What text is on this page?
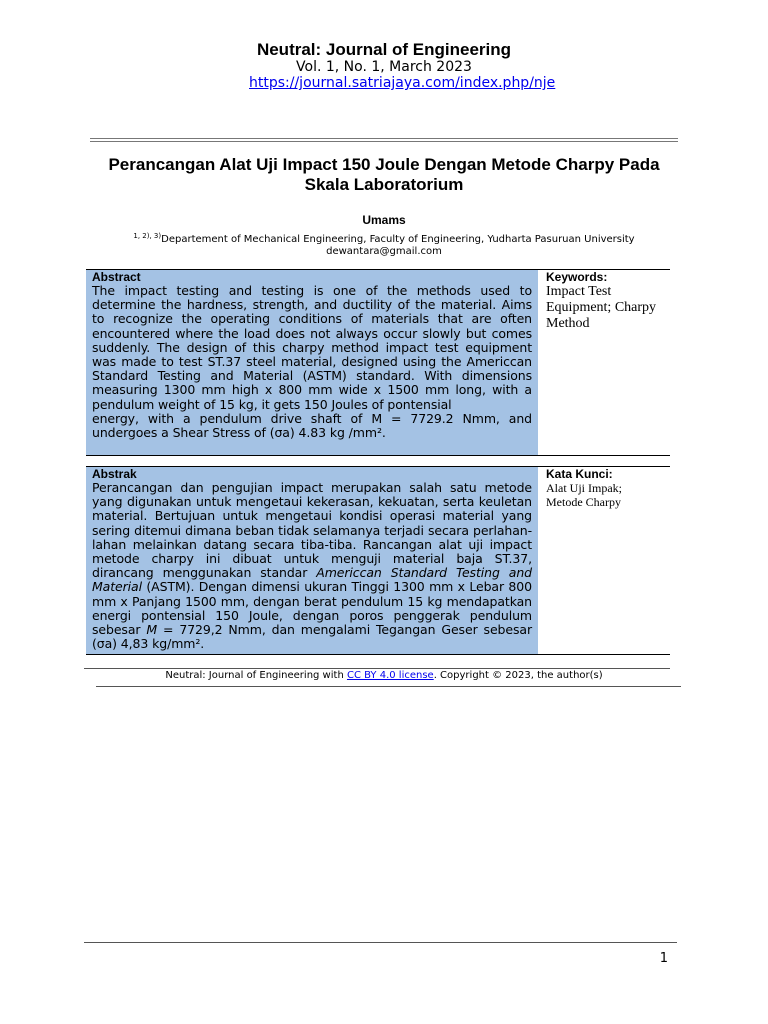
Neutral: Journal of Engineering
Vol. 1, No. 1, March 2023
https://journal.satriajaya.com/index.php/nje
Perancangan Alat Uji Impact 150 Joule Dengan Metode Charpy Pada Skala Laboratorium
Umams
$^{1, 2), 3)}$Departement of Mechanical Engineering, Faculty of Engineering, Yudharta Pasuruan University
dewantara@gmail.com
Abstract

The impact testing and testing is one of the methods used to determine the hardness, strength, and ductility of the material. Aims to recognize the operating conditions of materials that are often encountered where the load does not always occur slowly but comes suddenly. The design of this charpy method impact test equipment was made to test ST.37 steel material, designed using the Americcan Standard Testing and Material (ASTM) standard. With dimensions measuring 1300 mm high x 800 mm wide x 1500 mm long, with a pendulum weight of 15 kg, it gets 150 Joules of pontensial

energy, with a pendulum drive shaft of M = 7729.2 Nmm, and undergoes a Shear Stress of (σa) 4.83 kg /mm².

Keywords:
Impact Test Equipment; Charpy Method
Abstrak
Perancangan dan pengujian impact merupakan salah satu metode yang digunakan untuk mengetaui kekerasan, kekuatan, serta keuletan material. Bertujuan untuk mengetaui kondisi operasi material yang sering ditemui dimana beban tidak selamanya terjadi secara perlahan-lahan melainkan datang secara tiba-tiba. Rancangan alat uji impact metode charpy ini dibuat untuk menguji material baja ST.37, dirancang menggunakan standar Americcan Standard Testing and Material (ASTM). Dengan dimensi ukuran Tinggi 1300 mm x Lebar 800 mm x Panjang 1500 mm, dengan berat pendulum 15 kg mendapatkan energi pontensial 150 Joule, dengan poros penggerak pendulum sebesar M = 7729,2 Nmm, dan mengalami Tegangan Geser sebesar (σa) 4,83 kg/mm².
Kata Kunci:
Alat Uji Impak;
Metode Charpy
Neutral: Journal of Engineering with CC BY 4.0 license. Copyright © 2023, the author(s)
1
